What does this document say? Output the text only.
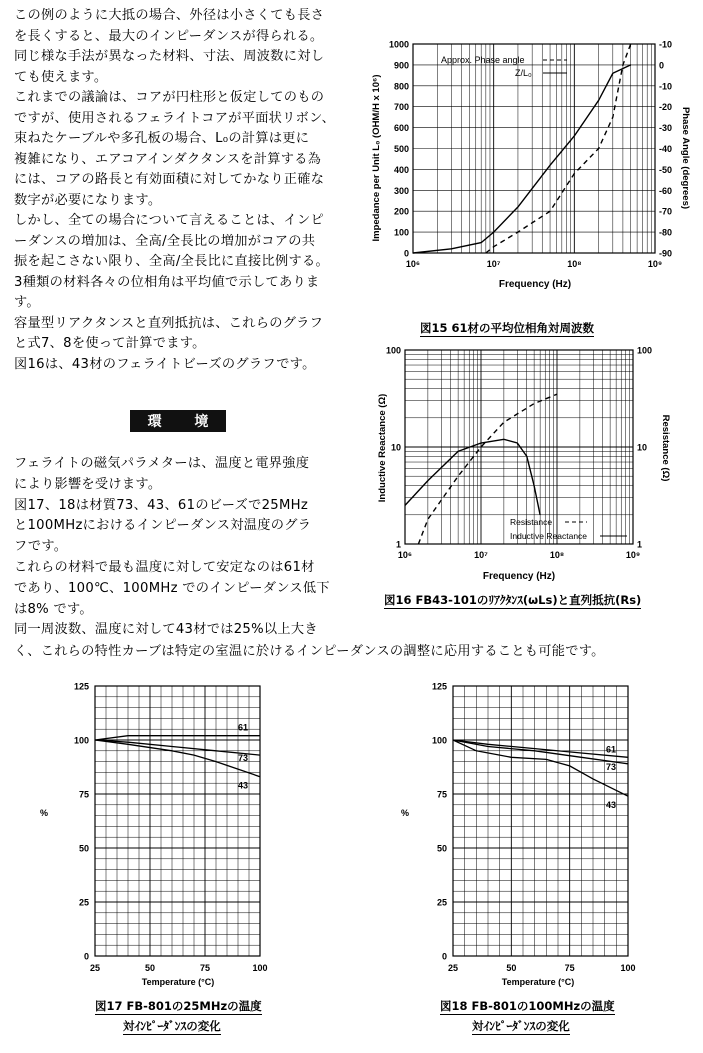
この例のように大抵の場合、外径は小さくても長さ
を長くすると、最大のインピーダンスが得られる。
同じ様な手法が異なった材料、寸法、周波数に対し
ても使えます。
これまでの議論は、コアが円柱形と仮定してのもの
ですが、使用されるフェライトコアが平面状リボン、
束ねたケーブルや多孔板の場合、L₀の計算は更に
複雑になり、エアコアインダクタンスを計算する為
には、コアの路長と有効面積に対してかなり正確な
数字が必要になります。
しかし、全ての場合について言えることは、インピ
ーダンスの増加は、全高/全長比の増加がコアの共
振を起こさない限り、全高/全長比に直接比例する。
3種類の材料各々の位相角は平均値で示してありま
す。
容量型リアクタンスと直列抵抗は、これらのグラフ
と式7、8を使って計算でます。
図16は、43材のフェライトビーズのグラフです。
環 境
フェライトの磁気パラメターは、温度と電界強度
により影響を受けます。
図17、18は材質73、43、61のビーズで25MHz
と100MHzにおけるインピーダンス対温度のグラ
フです。
これらの材料で最も温度に対して安定なのは61材
であり、100℃、100MHz でのインピーダンス低下
は8% です。
同一周波数、温度に対して43材では25%以上大き
く、これらの特性カーブは特定の室温に於けるインピーダンスの調整に応用することも可能です。
0	-90
100	-80
200	-70
300	-60
400	-50
500	-40
600	-30
700	-20
800	-10
900	0
1000	-10
10⁶	10⁷	10⁸	10⁹
Approx. Phase angle
Z/L₀
Frequency (Hz)
Impedance per Unit L₀ (OHM/H x 10⁶)	Phase Angle (degrees)
図15 61材の平均位相角対周波数
1	1
10	10
100	100
10⁶	10⁷	10⁸	10⁹
Resistance
Inductive Reactance
Frequency (Hz)
Inductive Reactance (Ω)	Resistance (Ω)
図16 FB43-101のﾘｱｸﾀﾝｽ(ωLs)と直列抵抗(Rs)
25
50
75
100
125
0
25	50	75	100
61
73
43
%
Temperature (°C)
図17 FB-801の25MHzの温度
対ｲﾝﾋﾟｰﾀﾞﾝｽの変化
25
50
75
100
125
0
25	50	75	100
61
73
43
%
Temperature (°C)
図18 FB-801の100MHzの温度
対ｲﾝﾋﾟｰﾀﾞﾝｽの変化
